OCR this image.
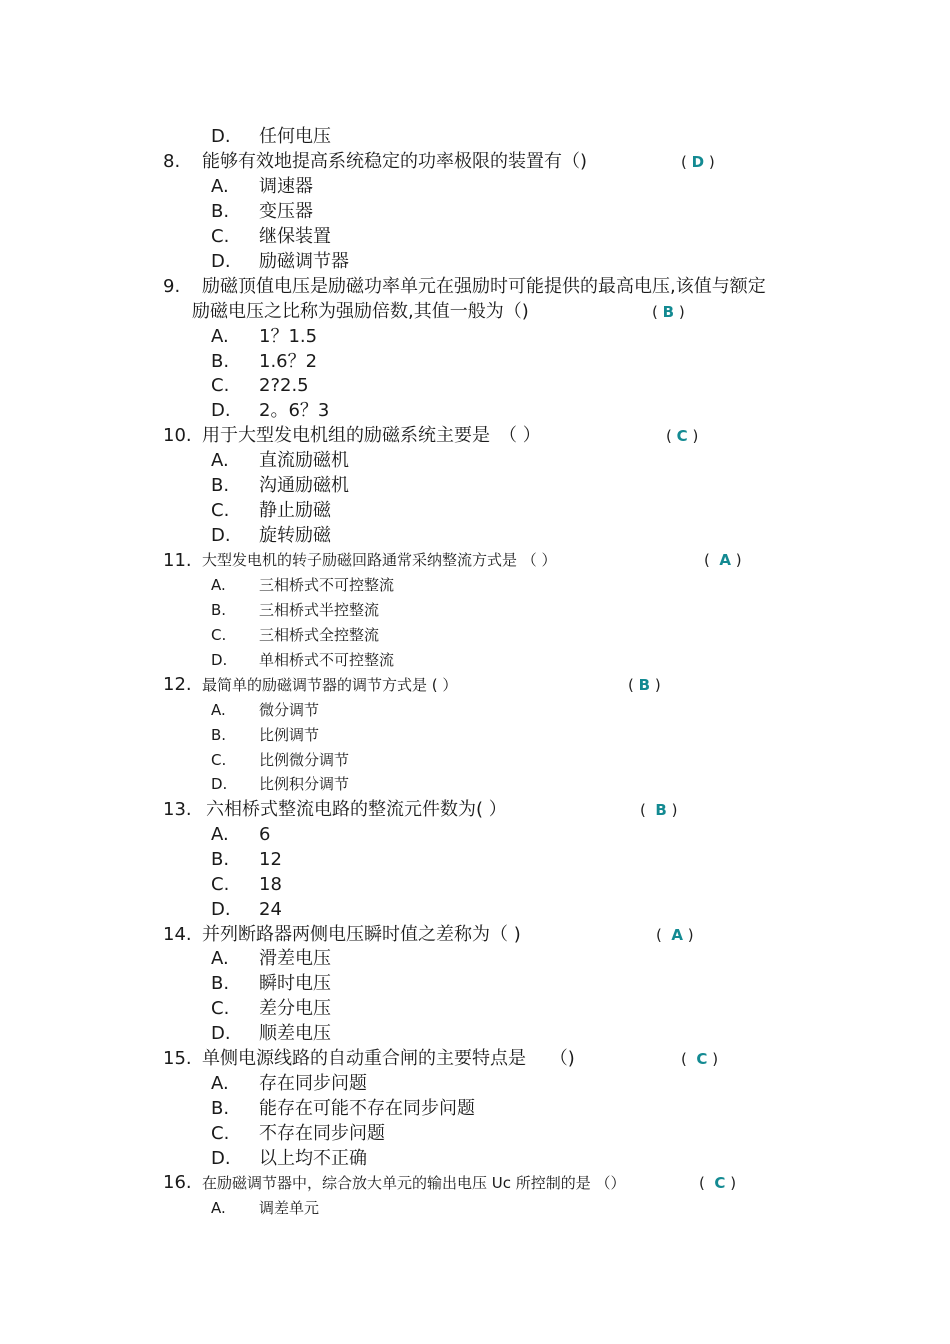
D. 任何电压
8. 能够有效地提高系统稳定的功率极限的装置有（)	( D )
A. 调速器
B. 变压器
C. 继保装置
D. 励磁调节器
9. 励磁顶值电压是励磁功率单元在强励时可能提供的最高电压,该值与额定
励磁电压之比称为强励倍数,其值一般为（)	( B )
A. 1？1.5
B. 1.6？2
C. 2?2.5
D. 2。6？3
10. 用于大型发电机组的励磁系统主要是　（ ）	( C )
A. 直流励磁机
B. 沟通励磁机
C. 静止励磁
D. 旋转励磁
11. 大型发电机的转子励磁回路通常采纳整流方式是 （ ）	( A )
A. 三相桥式不可控整流
B. 三相桥式半控整流
C. 三相桥式全控整流
D. 单相桥式不可控整流
12. 最简单的励磁调节器的调节方式是 ( ）	( B )
A. 微分调节
B. 比例调节
C. 比例微分调节
D. 比例积分调节
13. 六相桥式整流电路的整流元件数为( ）	( B )
A. 6
B. 12
C. 18
D. 24
14. 并列断路器两侧电压瞬时值之差称为（ )	( A )
A. 滑差电压
B. 瞬时电压
C. 差分电压
D. 顺差电压
15. 单侧电源线路的自动重合闸的主要特点是　 （)	( C )
A. 存在同步问题
B. 能存在可能不存在同步问题
C. 不存在同步问题
D. 以上均不正确
16. 在励磁调节器中，综合放大单元的输出电压 Uc 所控制的是 （）	( C )
A. 调差单元
